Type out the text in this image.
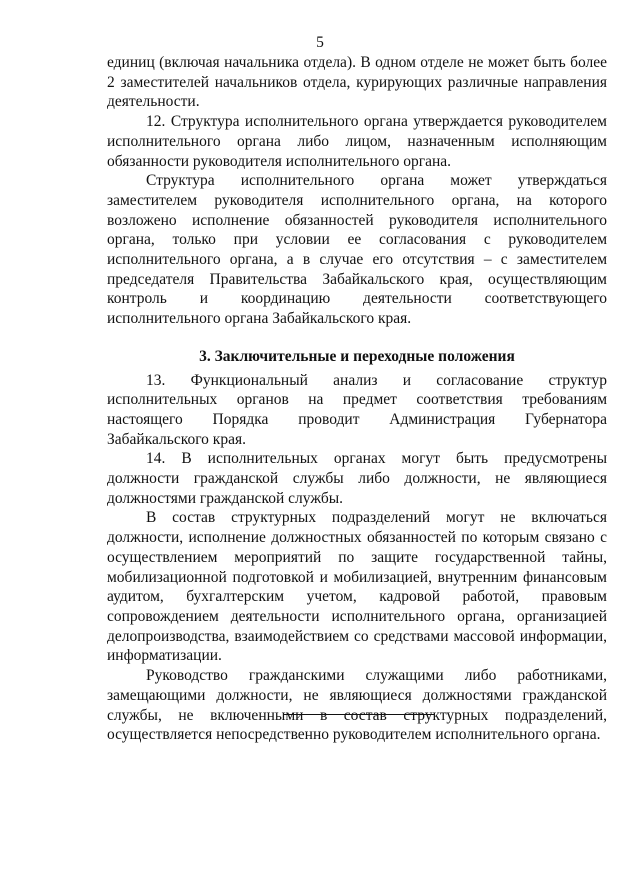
5

единиц (включая начальника отдела). В одном отделе не может быть более 2 заместителей начальников отдела, курирующих различные направления деятельности.

12. Структура исполнительного органа утверждается руководителем исполнительного органа либо лицом, назначенным исполняющим обязанности руководителя исполнительного органа.

Структура исполнительного органа может утверждаться заместителем руководителя исполнительного органа, на которого возложено исполнение обязанностей руководителя исполнительного органа, только при условии ее согласования с руководителем исполнительного органа, а в случае его отсутствия – с заместителем председателя Правительства Забайкальского края, осуществляющим контроль и координацию деятельности соответствующего исполнительного органа Забайкальского края.

3. Заключительные и переходные положения

13. Функциональный анализ и согласование структур исполнительных органов на предмет соответствия требованиям настоящего Порядка проводит Администрация Губернатора Забайкальского края.

14. В исполнительных органах могут быть предусмотрены должности гражданской службы либо должности, не являющиеся должностями гражданской службы.

В состав структурных подразделений могут не включаться должности, исполнение должностных обязанностей по которым связано с осуществлением мероприятий по защите государственной тайны, мобилизационной подготовкой и мобилизацией, внутренним финансовым аудитом, бухгалтерским учетом, кадровой работой, правовым сопровождением деятельности исполнительного органа, организацией делопроизводства, взаимодействием со средствами массовой информации, информатизации.

Руководство гражданскими служащими либо работниками, замещающими должности, не являющиеся должностями гражданской службы, не включенными в состав структурных подразделений, осуществляется непосредственно руководителем исполнительного органа.
